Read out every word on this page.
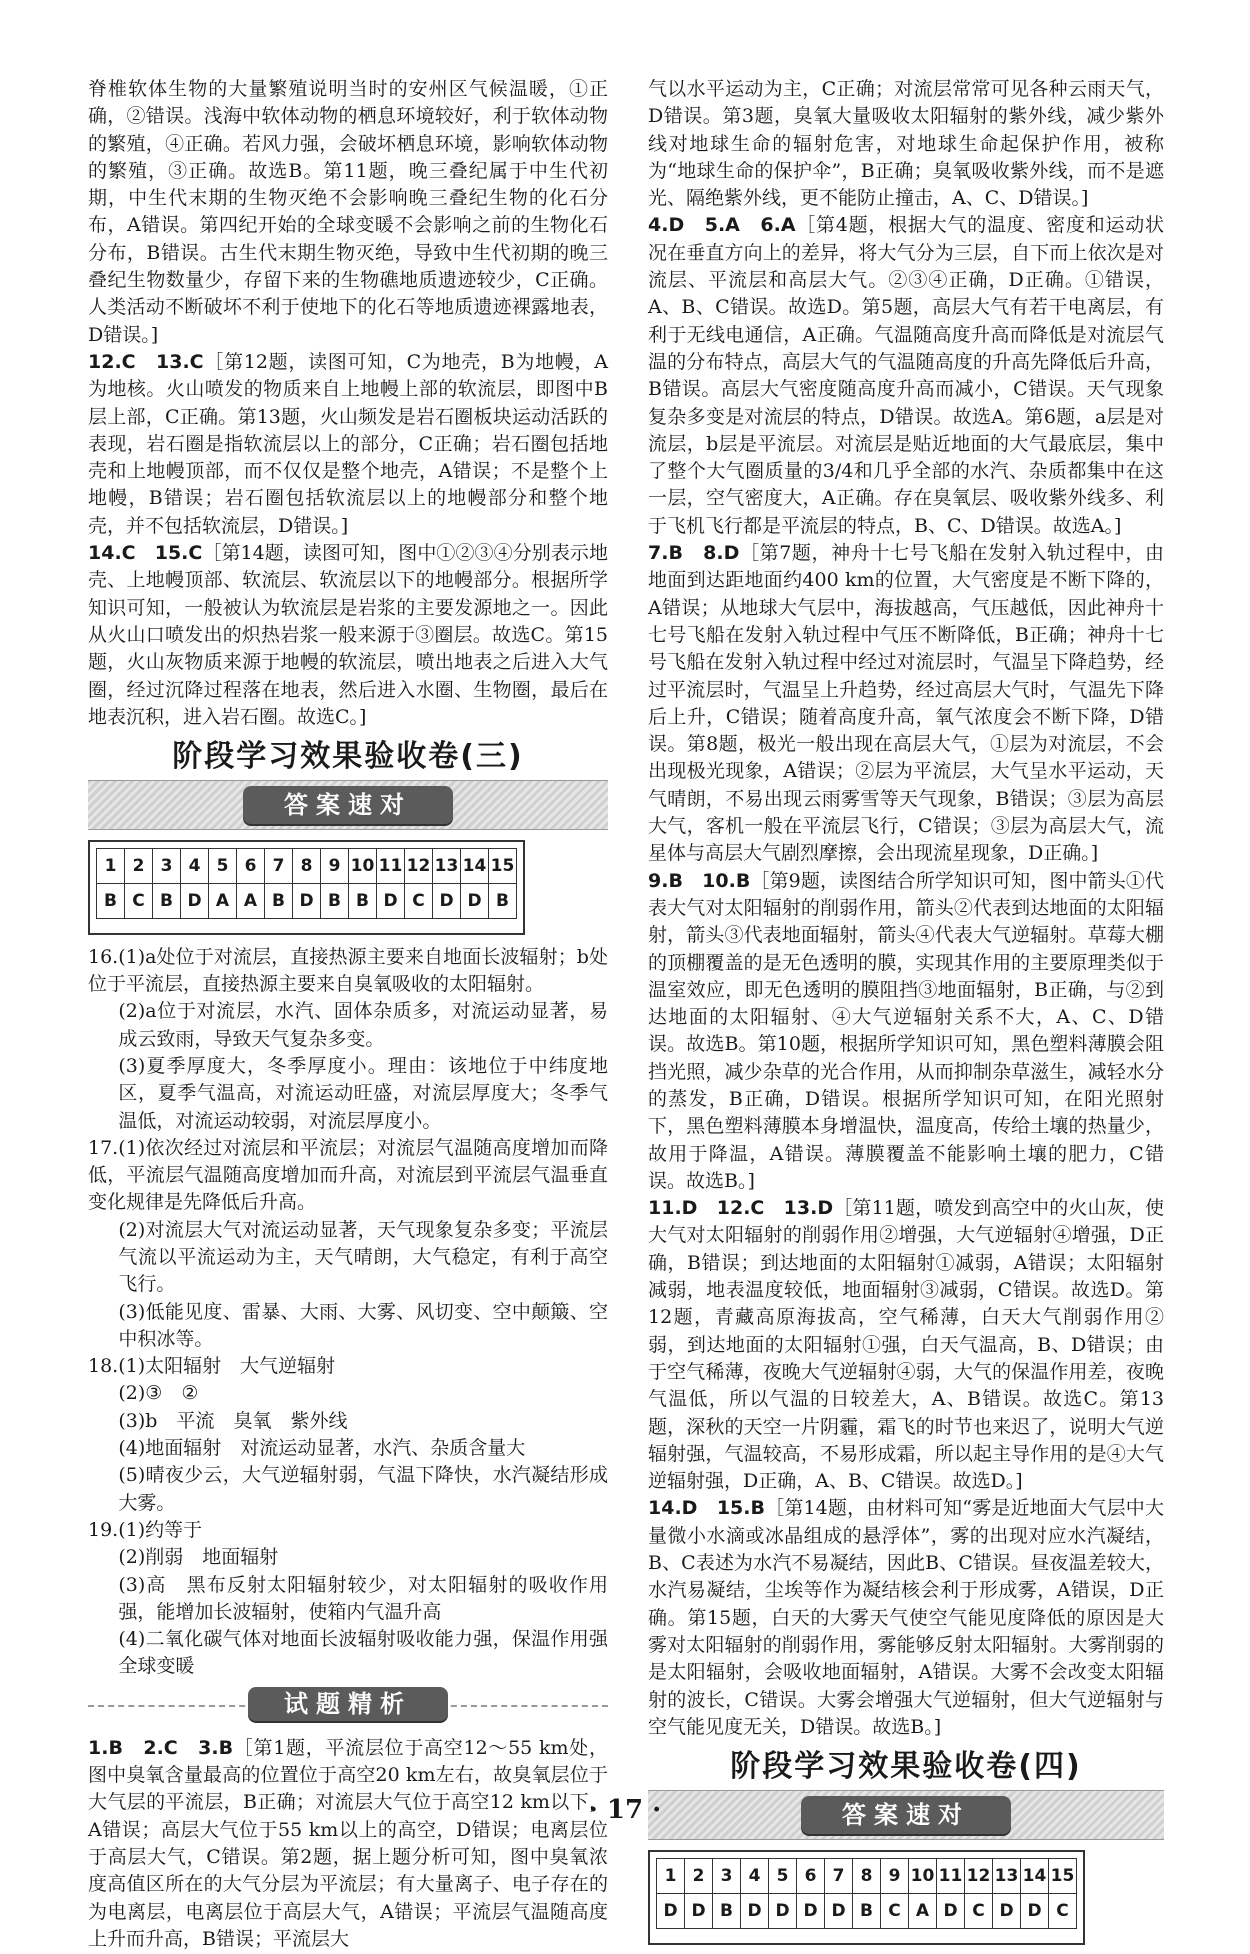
脊椎软体生物的大量繁殖说明当时的安州区气候温暖，①正确，②错误。浅海中软体动物的栖息环境较好，利于软体动物的繁殖，④正确。若风力强，会破坏栖息环境，影响软体动物的繁殖，③正确。故选B。第11题，晚三叠纪属于中生代初期，中生代末期的生物灭绝不会影响晚三叠纪生物的化石分布，A错误。第四纪开始的全球变暖不会影响之前的生物化石分布，B错误。古生代末期生物灭绝，导致中生代初期的晚三叠纪生物数量少，存留下来的生物礁地质遗迹较少，C正确。人类活动不断破坏不利于使地下的化石等地质遗迹裸露地表，D错误。]

12.C　13.C［第12题，读图可知，C为地壳，B为地幔，A为地核。火山喷发的物质来自上地幔上部的软流层，即图中B层上部，C正确。第13题，火山频发是岩石圈板块运动活跃的表现，岩石圈是指软流层以上的部分，C正确；岩石圈包括地壳和上地幔顶部，而不仅仅是整个地壳，A错误；不是整个上地幔，B错误；岩石圈包括软流层以上的地幔部分和整个地壳，并不包括软流层，D错误。]

14.C　15.C［第14题，读图可知，图中①②③④分别表示地壳、上地幔顶部、软流层、软流层以下的地幔部分。根据所学知识可知，一般被认为软流层是岩浆的主要发源地之一。因此从火山口喷发出的炽热岩浆一般来源于③圈层。故选C。第15题，火山灰物质来源于地幔的软流层，喷出地表之后进入大气圈，经过沉降过程落在地表，然后进入水圈、生物圈，最后在地表沉积，进入岩石圈。故选C。]

阶段学习效果验收卷(三)
答案速对
1	2	3	4	5	6	7	8	9	10	11	12	13	14	15
B	C	B	D	A	A	B	D	B	B	D	C	D	D	B

16.(1)a处位于对流层，直接热源主要来自地面长波辐射；b处位于平流层，直接热源主要来自臭氧吸收的太阳辐射。

(2)a位于对流层，水汽、固体杂质多，对流运动显著，易成云致雨，导致天气复杂多变。

(3)夏季厚度大，冬季厚度小。理由：该地位于中纬度地区，夏季气温高，对流运动旺盛，对流层厚度大；冬季气温低，对流运动较弱，对流层厚度小。

17.(1)依次经过对流层和平流层；对流层气温随高度增加而降低，平流层气温随高度增加而升高，对流层到平流层气温垂直变化规律是先降低后升高。

(2)对流层大气对流运动显著，天气现象复杂多变；平流层气流以平流运动为主，天气晴朗，大气稳定，有利于高空飞行。

(3)低能见度、雷暴、大雨、大雾、风切变、空中颠簸、空中积冰等。

18.(1)太阳辐射　大气逆辐射

(2)③　②

(3)b　平流　臭氧　紫外线

(4)地面辐射　对流运动显著，水汽、杂质含量大

(5)晴夜少云，大气逆辐射弱，气温下降快，水汽凝结形成大雾。

19.(1)约等于

(2)削弱　地面辐射

(3)高　黑布反射太阳辐射较少，对太阳辐射的吸收作用强，能增加长波辐射，使箱内气温升高

(4)二氧化碳气体对地面长波辐射吸收能力强，保温作用强　全球变暖

试题精析

1.B　2.C　3.B［第1题，平流层位于高空12～55 km处，图中臭氧含量最高的位置位于高空20 km左右，故臭氧层位于大气层的平流层，B正确；对流层大气位于高空12 km以下，A错误；高层大气位于55 km以上的高空，D错误；电离层位于高层大气，C错误。第2题，据上题分析可知，图中臭氧浓度高值区所在的大气分层为平流层；有大量离子、电子存在的为电离层，电离层位于高层大气，A错误；平流层气温随高度上升而升高，B错误；平流层大

气以水平运动为主，C正确；对流层常常可见各种云雨天气，D错误。第3题，臭氧大量吸收太阳辐射的紫外线，减少紫外线对地球生命的辐射危害，对地球生命起保护作用，被称为“地球生命的保护伞”，B正确；臭氧吸收紫外线，而不是遮光、隔绝紫外线，更不能防止撞击，A、C、D错误。]

4.D　5.A　6.A［第4题，根据大气的温度、密度和运动状况在垂直方向上的差异，将大气分为三层，自下而上依次是对流层、平流层和高层大气。②③④正确，D正确。①错误，A、B、C错误。故选D。第5题，高层大气有若干电离层，有利于无线电通信，A正确。气温随高度升高而降低是对流层气温的分布特点，高层大气的气温随高度的升高先降低后升高，B错误。高层大气密度随高度升高而减小，C错误。天气现象复杂多变是对流层的特点，D错误。故选A。第6题，a层是对流层，b层是平流层。对流层是贴近地面的大气最底层，集中了整个大气圈质量的3/4和几乎全部的水汽、杂质都集中在这一层，空气密度大，A正确。存在臭氧层、吸收紫外线多、利于飞机飞行都是平流层的特点，B、C、D错误。故选A。]

7.B　8.D［第7题，神舟十七号飞船在发射入轨过程中，由地面到达距地面约400 km的位置，大气密度是不断下降的，A错误；从地球大气层中，海拔越高，气压越低，因此神舟十七号飞船在发射入轨过程中气压不断降低，B正确；神舟十七号飞船在发射入轨过程中经过对流层时，气温呈下降趋势，经过平流层时，气温呈上升趋势，经过高层大气时，气温先下降后上升，C错误；随着高度升高，氧气浓度会不断下降，D错误。第8题，极光一般出现在高层大气，①层为对流层，不会出现极光现象，A错误；②层为平流层，大气呈水平运动，天气晴朗，不易出现云雨雾雪等天气现象，B错误；③层为高层大气，客机一般在平流层飞行，C错误；③层为高层大气，流星体与高层大气剧烈摩擦，会出现流星现象，D正确。]

9.B　10.B［第9题，读图结合所学知识可知，图中箭头①代表大气对太阳辐射的削弱作用，箭头②代表到达地面的太阳辐射，箭头③代表地面辐射，箭头④代表大气逆辐射。草莓大棚的顶棚覆盖的是无色透明的膜，实现其作用的主要原理类似于温室效应，即无色透明的膜阻挡③地面辐射，B正确，与②到达地面的太阳辐射、④大气逆辐射关系不大，A、C、D错误。故选B。第10题，根据所学知识可知，黑色塑料薄膜会阻挡光照，减少杂草的光合作用，从而抑制杂草滋生，减轻水分的蒸发，B正确，D错误。根据所学知识可知，在阳光照射下，黑色塑料薄膜本身增温快，温度高，传给土壤的热量少，故用于降温，A错误。薄膜覆盖不能影响土壤的肥力，C错误。故选B。]

11.D　12.C　13.D［第11题，喷发到高空中的火山灰，使大气对太阳辐射的削弱作用②增强，大气逆辐射④增强，D正确，B错误；到达地面的太阳辐射①减弱，A错误；太阳辐射减弱，地表温度较低，地面辐射③减弱，C错误。故选D。第12题，青藏高原海拔高，空气稀薄，白天大气削弱作用②弱，到达地面的太阳辐射①强，白天气温高，B、D错误；由于空气稀薄，夜晚大气逆辐射④弱，大气的保温作用差，夜晚气温低，所以气温的日较差大，A、B错误。故选C。第13题，深秋的天空一片阴霾，霜飞的时节也来迟了，说明大气逆辐射强，气温较高，不易形成霜，所以起主导作用的是④大气逆辐射强，D正确，A、B、C错误。故选D。]

14.D　15.B［第14题，由材料可知“雾是近地面大气层中大量微小水滴或冰晶组成的悬浮体”，雾的出现对应水汽凝结，B、C表述为水汽不易凝结，因此B、C错误。昼夜温差较大，水汽易凝结，尘埃等作为凝结核会利于形成雾，A错误，D正确。第15题，白天的大雾天气使空气能见度降低的原因是大雾对太阳辐射的削弱作用，雾能够反射太阳辐射。大雾削弱的是太阳辐射，会吸收地面辐射，A错误。大雾不会改变太阳辐射的波长，C错误。大雾会增强大气逆辐射，但大气逆辐射与空气能见度无关，D错误。故选B。]

阶段学习效果验收卷(四)
答案速对
1	2	3	4	5	6	7	8	9	10	11	12	13	14	15
D	D	B	D	D	D	D	B	C	A	D	C	D	D	C
· 17 ·
